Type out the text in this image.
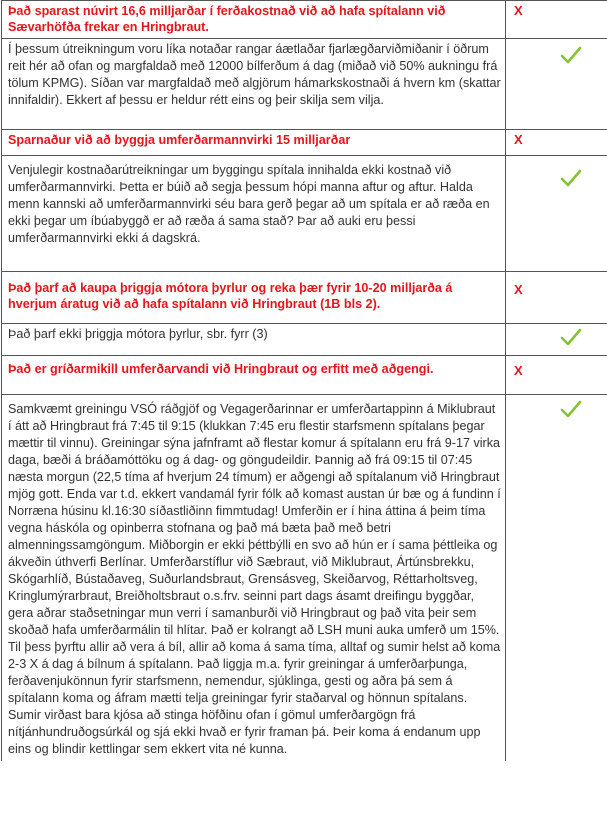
Það sparast núvirt 16,6 milljarðar í ferðakostnað við að hafa spítalann við Sævarhöfða frekar en Hringbraut.	X

Í þessum útreikningum voru líka notaðar rangar áætlaðar fjarlægðarviðmiðanir í öðrum reit hér að ofan og margfaldað með 12000 bílferðum á dag (miðað við 50% aukningu frá tölum KPMG). Síðan var margfaldað með algjörum hámarkskostnaði á hvern km (skattar innifaldir). Ekkert af þessu er heldur rétt eins og þeir skilja sem vilja.

Sparnaður við að byggja umferðarmannvirki 15 milljarðar	X

Venjulegir kostnaðarútreikningar um byggingu spítala innihalda ekki kostnað við umferðarmannvirki. Þetta er búið að segja þessum hópi manna aftur og aftur. Halda menn kannski að umferðarmannvirki séu bara gerð þegar að um spítala er að ræða en ekki þegar um íbúabyggð er að ræða á sama stað? Þar að auki eru þessi umferðarmannvirki ekki á dagskrá.

Það þarf að kaupa þriggja mótora þyrlur og reka þær fyrir 10-20 milljarða á hverjum áratug við að hafa spítalann við Hringbraut (1B bls 2).	X

Það þarf ekki þriggja mótora þyrlur, sbr. fyrr (3)

Það er gríðarmikill umferðarvandi við Hringbraut og erfitt með aðgengi.	X

Samkvæmt greiningu VSÓ ráðgjöf og Vegagerðarinnar er umferðartappinn á Miklubraut í átt að Hringbraut frá 7:45 til 9:15 (klukkan 7:45 eru flestir starfsmenn spítalans þegar mættir til vinnu). Greiningar sýna jafnframt að flestar komur á spítalann eru frá 9-17 virka daga, bæði á bráðamóttöku og á dag- og göngudeildir. Þannig að frá 09:15 til 07:45 næsta morgun (22,5 tíma af hverjum 24 tímum) er aðgengi að spítalanum við Hringbraut mjög gott. Enda var t.d. ekkert vandamál fyrir fólk að komast austan úr bæ og á fundinn í Norræna húsinu kl.16:30 síðastliðinn fimmtudag! Umferðin er í hina áttina á þeim tíma vegna háskóla og opinberra stofnana og það má bæta það með betri almenningssamgöngum. Miðborgin er ekki þéttbýlli en svo að hún er í sama þéttleika og ákveðin úthverfi Berlínar. Umferðarstíflur við Sæbraut, við Miklubraut, Ártúnsbrekku, Skógarhlíð, Bústaðaveg, Suðurlandsbraut, Grensásveg, Skeiðarvog, Réttarholtsveg, Kringlumýrarbraut, Breiðholtsbraut o.s.frv. seinni part dags ásamt dreifingu byggðar, gera aðrar staðsetningar mun verri í samanburði við Hringbraut og það vita þeir sem skoðað hafa umferðarmálin til hlítar. Það er kolrangt að LSH muni auka umferð um 15%. Til þess þyrftu allir að vera á bíl, allir að koma á sama tíma, alltaf og sumir helst að koma 2-3 X á dag á bílnum á spítalann. Það liggja m.a. fyrir greiningar á umferðarþunga, ferðavenjukönnun fyrir starfsmenn, nemendur, sjúklinga, gesti og aðra þá sem á spítalann koma og áfram mætti telja greiningar fyrir staðarval og hönnun spítalans. Sumir virðast bara kjósa að stinga höfðinu ofan í gömul umferðargögn frá nítjánhundruðogsúrkál og sjá ekki hvað er fyrir framan þá. Þeir koma á endanum upp eins og blindir kettlingar sem ekkert vita né kunna.
